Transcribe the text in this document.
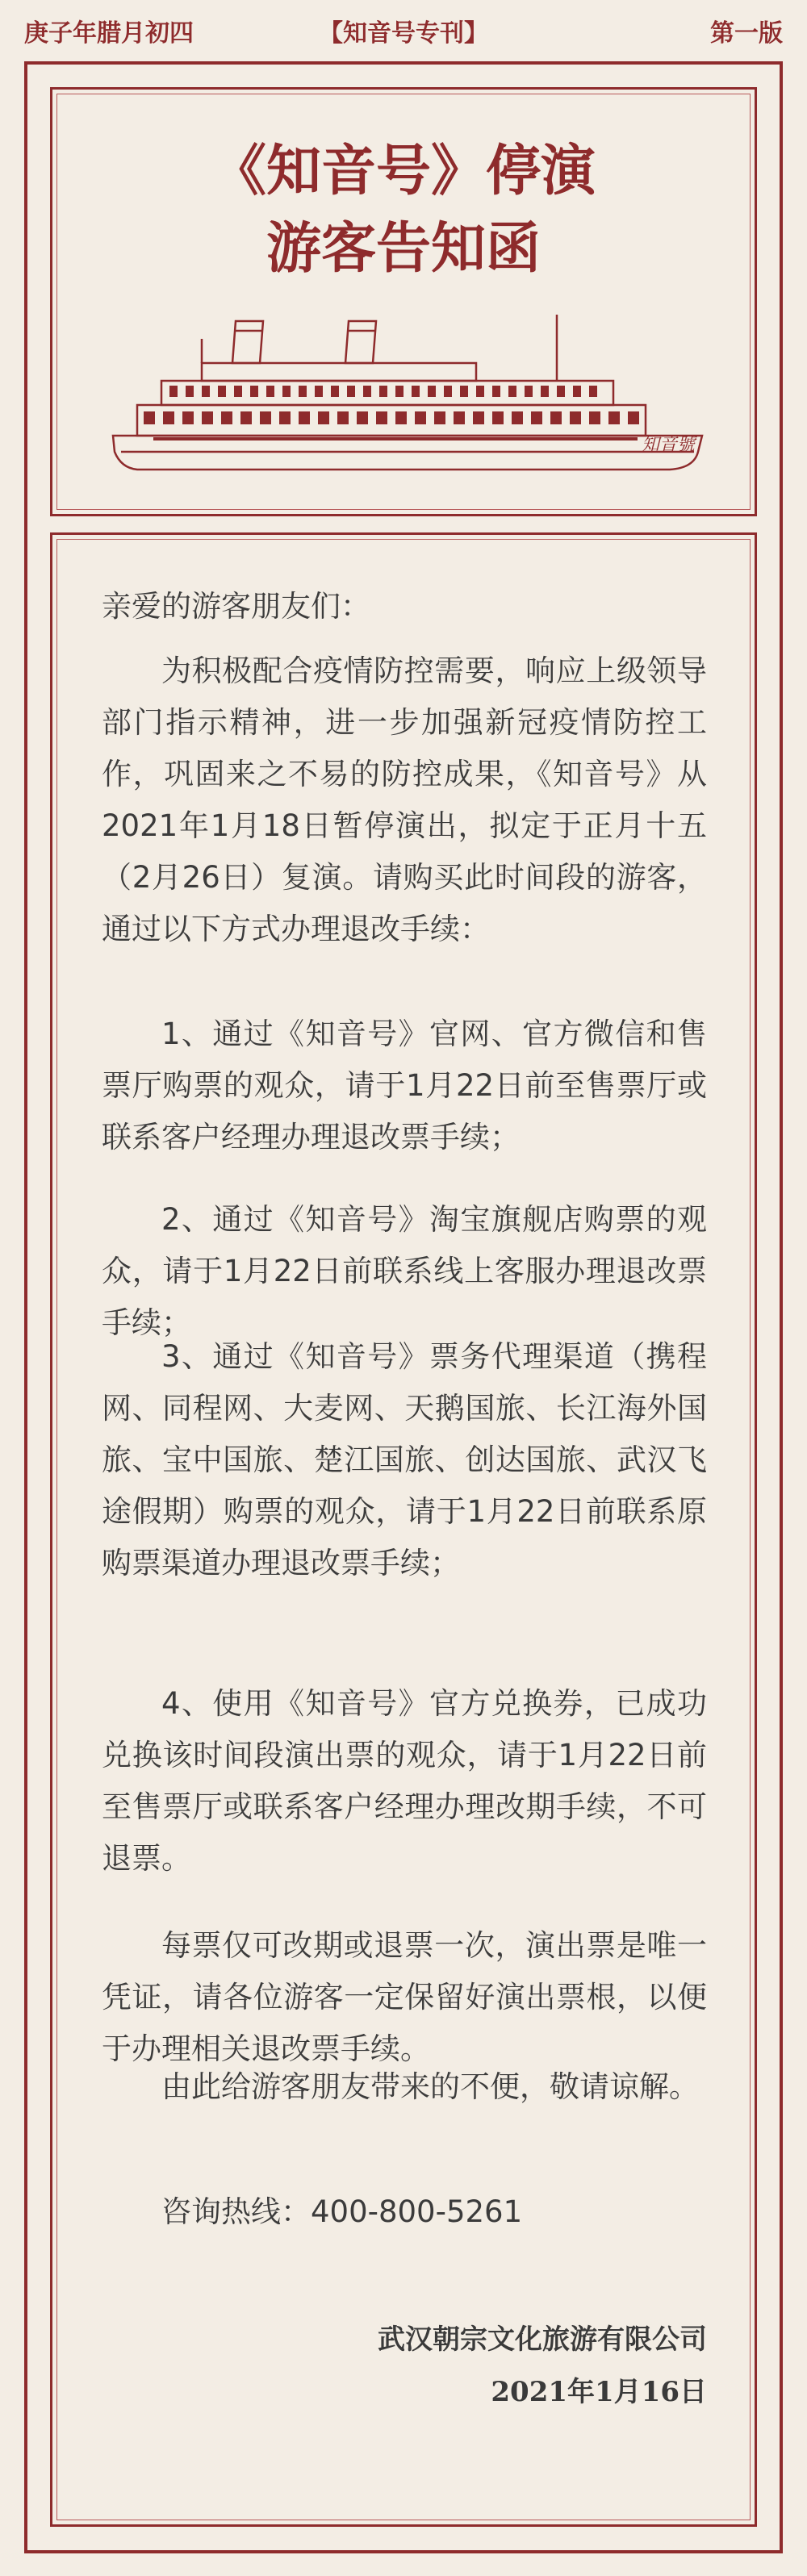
庚子年腊月初四	【知音号专刊】	第一版
《知音号》停演
游客告知函
知音號

亲爱的游客朋友们：

为积极配合疫情防控需要，响应上级领导部门指示精神，进一步加强新冠疫情防控工作，巩固来之不易的防控成果，《知音号》从2021年1月18日暂停演出，拟定于正月十五（2月26日）复演。请购买此时间段的游客，通过以下方式办理退改手续：

1、通过《知音号》官网、官方微信和售票厅购票的观众，请于1月22日前至售票厅或联系客户经理办理退改票手续；

2、通过《知音号》淘宝旗舰店购票的观众，请于1月22日前联系线上客服办理退改票手续；

3、通过《知音号》票务代理渠道（携程网、同程网、大麦网、天鹅国旅、长江海外国旅、宝中国旅、楚江国旅、创达国旅、武汉飞途假期）购票的观众，请于1月22日前联系原购票渠道办理退改票手续；

4、使用《知音号》官方兑换券，已成功兑换该时间段演出票的观众，请于1月22日前至售票厅或联系客户经理办理改期手续，不可退票。

每票仅可改期或退票一次，演出票是唯一凭证，请各位游客一定保留好演出票根，以便于办理相关退改票手续。

由此给游客朋友带来的不便，敬请谅解。

咨询热线：400-800-5261

武汉朝宗文化旅游有限公司
2021年1月16日
